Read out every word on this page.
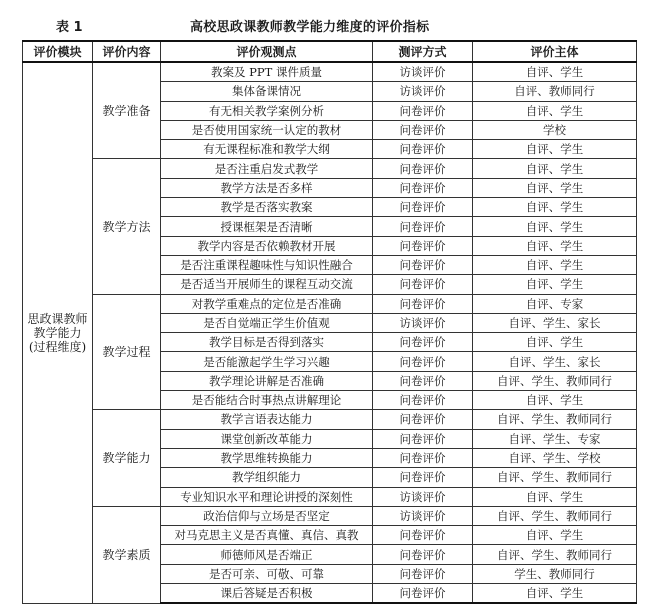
表 1	高校思政课教师教学能力维度的评价指标
评价模块	评价内容	评价观测点	测评方式	评价主体

思政课教师
教学能力
(过程维度)	教学准备	教案及 PPT 课件质量	访谈评价	自评、学生
		集体备课情况	访谈评价	自评、教师同行
		有无相关教学案例分析	问卷评价	自评、学生
		是否使用国家统一认定的教材	问卷评价	学校
		有无课程标准和教学大纲	问卷评价	自评、学生
	教学方法	是否注重启发式教学	问卷评价	自评、学生
		教学方法是否多样	问卷评价	自评、学生
		教学是否落实教案	问卷评价	自评、学生
		授课框架是否清晰	问卷评价	自评、学生
		教学内容是否依赖教材开展	问卷评价	自评、学生
		是否注重课程趣味性与知识性融合	问卷评价	自评、学生
		是否适当开展师生的课程互动交流	问卷评价	自评、学生
	教学过程	对教学重难点的定位是否准确	问卷评价	自评、专家
		是否自觉端正学生价值观	访谈评价	自评、学生、家长
		教学目标是否得到落实	问卷评价	自评、学生
		是否能激起学生学习兴趣	问卷评价	自评、学生、家长
		教学理论讲解是否准确	问卷评价	自评、学生、教师同行
		是否能结合时事热点讲解理论	问卷评价	自评、学生
	教学能力	教学言语表达能力	问卷评价	自评、学生、教师同行
		课堂创新改革能力	问卷评价	自评、学生、专家
		教学思维转换能力	问卷评价	自评、学生、学校
		教学组织能力	问卷评价	自评、学生、教师同行
		专业知识水平和理论讲授的深刻性	访谈评价	自评、学生
	教学素质	政治信仰与立场是否坚定	访谈评价	自评、学生、教师同行
		对马克思主义是否真懂、真信、真教	问卷评价	自评、学生
		师德师风是否端正	问卷评价	自评、学生、教师同行
		是否可亲、可敬、可靠	问卷评价	学生、教师同行
		课后答疑是否积极	问卷评价	自评、学生
